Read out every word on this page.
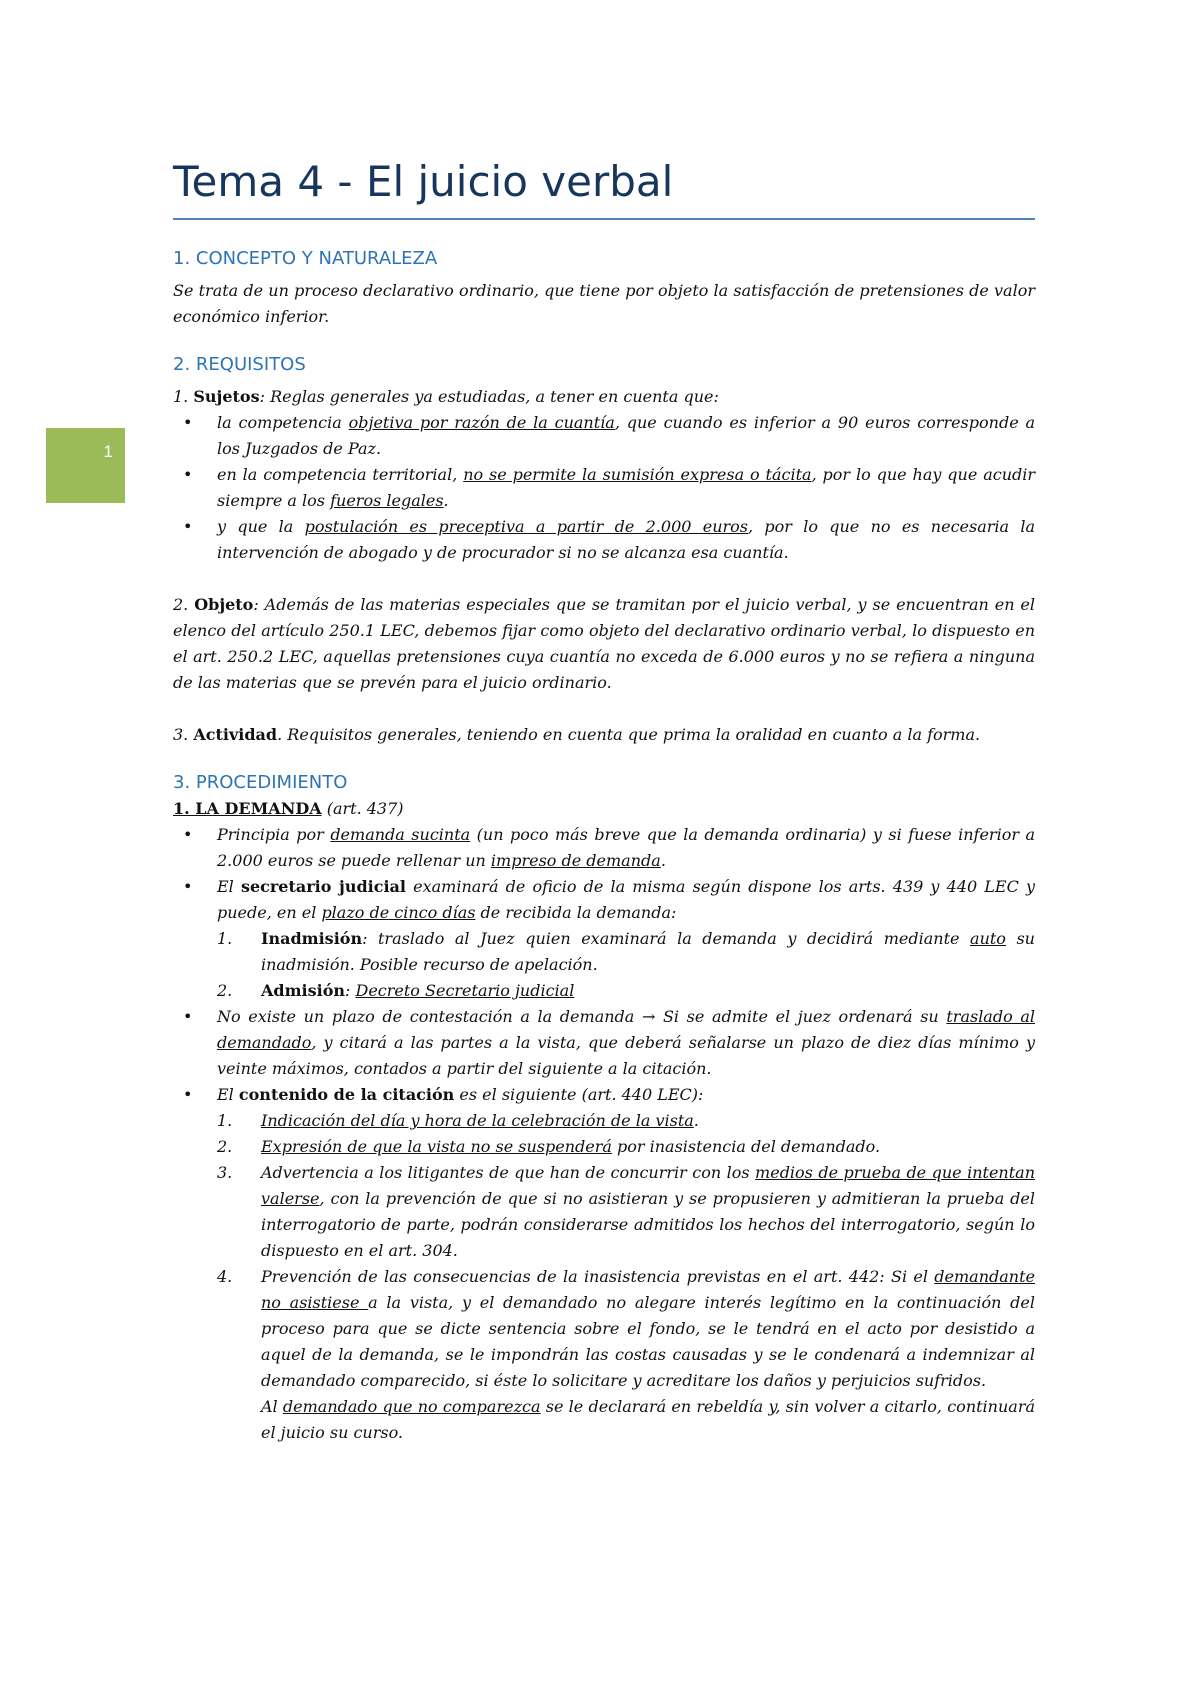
1
Tema 4 - El juicio verbal
1. CONCEPTO Y NATURALEZA

Se trata de un proceso declarativo ordinario, que tiene por objeto la satisfacción de pretensiones de valor económico inferior.

2. REQUISITOS

1. Sujetos: Reglas generales ya estudiadas, a tener en cuenta que:

• la competencia objetiva por razón de la cuantía, que cuando es inferior a 90 euros corresponde a los Juzgados de Paz.
• en la competencia territorial, no se permite la sumisión expresa o tácita, por lo que hay que acudir siempre a los fueros legales.
• y que la postulación es preceptiva a partir de 2.000 euros, por lo que no es necesaria la intervención de abogado y de procurador si no se alcanza esa cuantía.

2. Objeto: Además de las materias especiales que se tramitan por el juicio verbal, y se encuentran en el elenco del artículo 250.1 LEC, debemos fijar como objeto del declarativo ordinario verbal, lo dispuesto en el art. 250.2 LEC, aquellas pretensiones cuya cuantía no exceda de 6.000 euros y no se refiera a ninguna de las materias que se prevén para el juicio ordinario.

3. Actividad. Requisitos generales, teniendo en cuenta que prima la oralidad en cuanto a la forma.

3. PROCEDIMIENTO

1. LA DEMANDA (art. 437)

• Principia por demanda sucinta (un poco más breve que la demanda ordinaria) y si fuese inferior a 2.000 euros se puede rellenar un impreso de demanda.
• El secretario judicial examinará de oficio de la misma según dispone los arts. 439 y 440 LEC y puede, en el plazo de cinco días de recibida la demanda:
1. Inadmisión: traslado al Juez quien examinará la demanda y decidirá mediante auto su inadmisión. Posible recurso de apelación.
2. Admisión: Decreto Secretario judicial
• No existe un plazo de contestación a la demanda → Si se admite el juez ordenará su traslado al demandado, y citará a las partes a la vista, que deberá señalarse un plazo de diez días mínimo y veinte máximos, contados a partir del siguiente a la citación.
• El contenido de la citación es el siguiente (art. 440 LEC):
1. Indicación del día y hora de la celebración de la vista.
2. Expresión de que la vista no se suspenderá por inasistencia del demandado.
3. Advertencia a los litigantes de que han de concurrir con los medios de prueba de que intentan valerse, con la prevención de que si no asistieran y se propusieren y admitieran la prueba del interrogatorio de parte, podrán considerarse admitidos los hechos del interrogatorio, según lo dispuesto en el art. 304.
4. Prevención de las consecuencias de la inasistencia previstas en el art. 442: Si el demandante no asistiese a la vista, y el demandado no alegare interés legítimo en la continuación del proceso para que se dicte sentencia sobre el fondo, se le tendrá en el acto por desistido a aquel de la demanda, se le impondrán las costas causadas y se le condenará a indemnizar al demandado comparecido, si éste lo solicitare y acreditare los daños y perjuicios sufridos.
Al demandado que no comparezca se le declarará en rebeldía y, sin volver a citarlo, continuará el juicio su curso.
